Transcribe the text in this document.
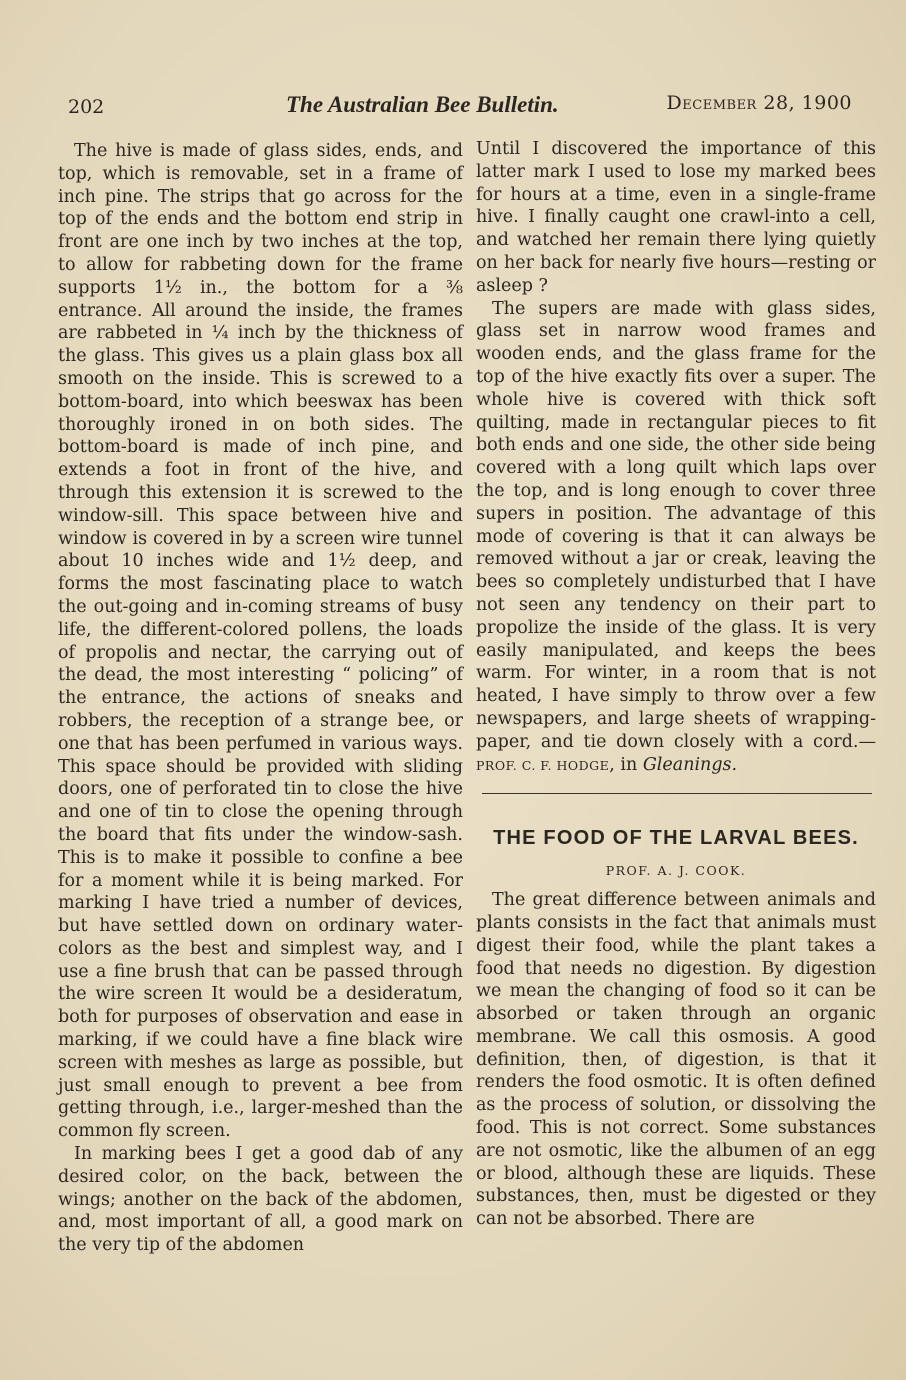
202	The Australian Bee Bulletin.	December 28, 1900

The hive is made of glass sides, ends, and top, which is removable, set in a frame of inch pine. The strips that go across for the top of the ends and the bottom end strip in front are one inch by two inches at the top, to allow for rabbeting down for the frame supports 1½ in., the bottom for a ⅜ entrance. All around the inside, the frames are rabbeted in ¼ inch by the thickness of the glass. This gives us a plain glass box all smooth on the inside. This is screwed to a bottom-board, into which beeswax has been thoroughly ironed in on both sides. The bottom-board is made of inch pine, and extends a foot in front of the hive, and through this extension it is screwed to the window-sill. This space between hive and window is covered in by a screen wire tunnel about 10 inches wide and 1½ deep, and forms the most fascinating place to watch the out-going and in-coming streams of busy life, the different-colored pollens, the loads of propolis and nectar, the carrying out of the dead, the most interesting “ policing” of the entrance, the actions of sneaks and robbers, the reception of a strange bee, or one that has been perfumed in various ways. This space should be provided with sliding doors, one of perforated tin to close the hive and one of tin to close the opening through the board that fits under the window-sash. This is to make it possible to confine a bee for a moment while it is being marked. For marking I have tried a number of devices, but have settled down on ordinary water-colors as the best and simplest way, and I use a fine brush that can be passed through the wire screen It would be a desideratum, both for purposes of observation and ease in marking, if we could have a fine black wire screen with meshes as large as possible, but just small enough to prevent a bee from getting through, i.e., larger-meshed than the common fly screen.

In marking bees I get a good dab of any desired color, on the back, between the wings; another on the back of the abdomen, and, most important of all, a good mark on the very tip of the abdomen

Until I discovered the importance of this latter mark I used to lose my marked bees for hours at a time, even in a single-frame hive. I finally caught one crawl-into a cell, and watched her remain there lying quietly on her back for nearly five hours—resting or asleep ?

The supers are made with glass sides, glass set in narrow wood frames and wooden ends, and the glass frame for the top of the hive exactly fits over a super. The whole hive is covered with thick soft quilting, made in rectangular pieces to fit both ends and one side, the other side being covered with a long quilt which laps over the top, and is long enough to cover three supers in position. The advantage of this mode of covering is that it can always be removed without a jar or creak, leaving the bees so completely undisturbed that I have not seen any tendency on their part to propolize the inside of the glass. It is very easily manipulated, and keeps the bees warm. For winter, in a room that is not heated, I have simply to throw over a few newspapers, and large sheets of wrapping-paper, and tie down closely with a cord.—PROF. C. F. HODGE, in Gleanings.

THE FOOD OF THE LARVAL BEES.
PROF. A. J. COOK.

The great difference between animals and plants consists in the fact that animals must digest their food, while the plant takes a food that needs no digestion. By digestion we mean the changing of food so it can be absorbed or taken through an organic membrane. We call this osmosis. A good definition, then, of digestion, is that it renders the food osmotic. It is often defined as the process of solution, or dissolving the food. This is not correct. Some substances are not osmotic, like the albumen of an egg or blood, although these are liquids. These substances, then, must be digested or they can not be absorbed. There are
